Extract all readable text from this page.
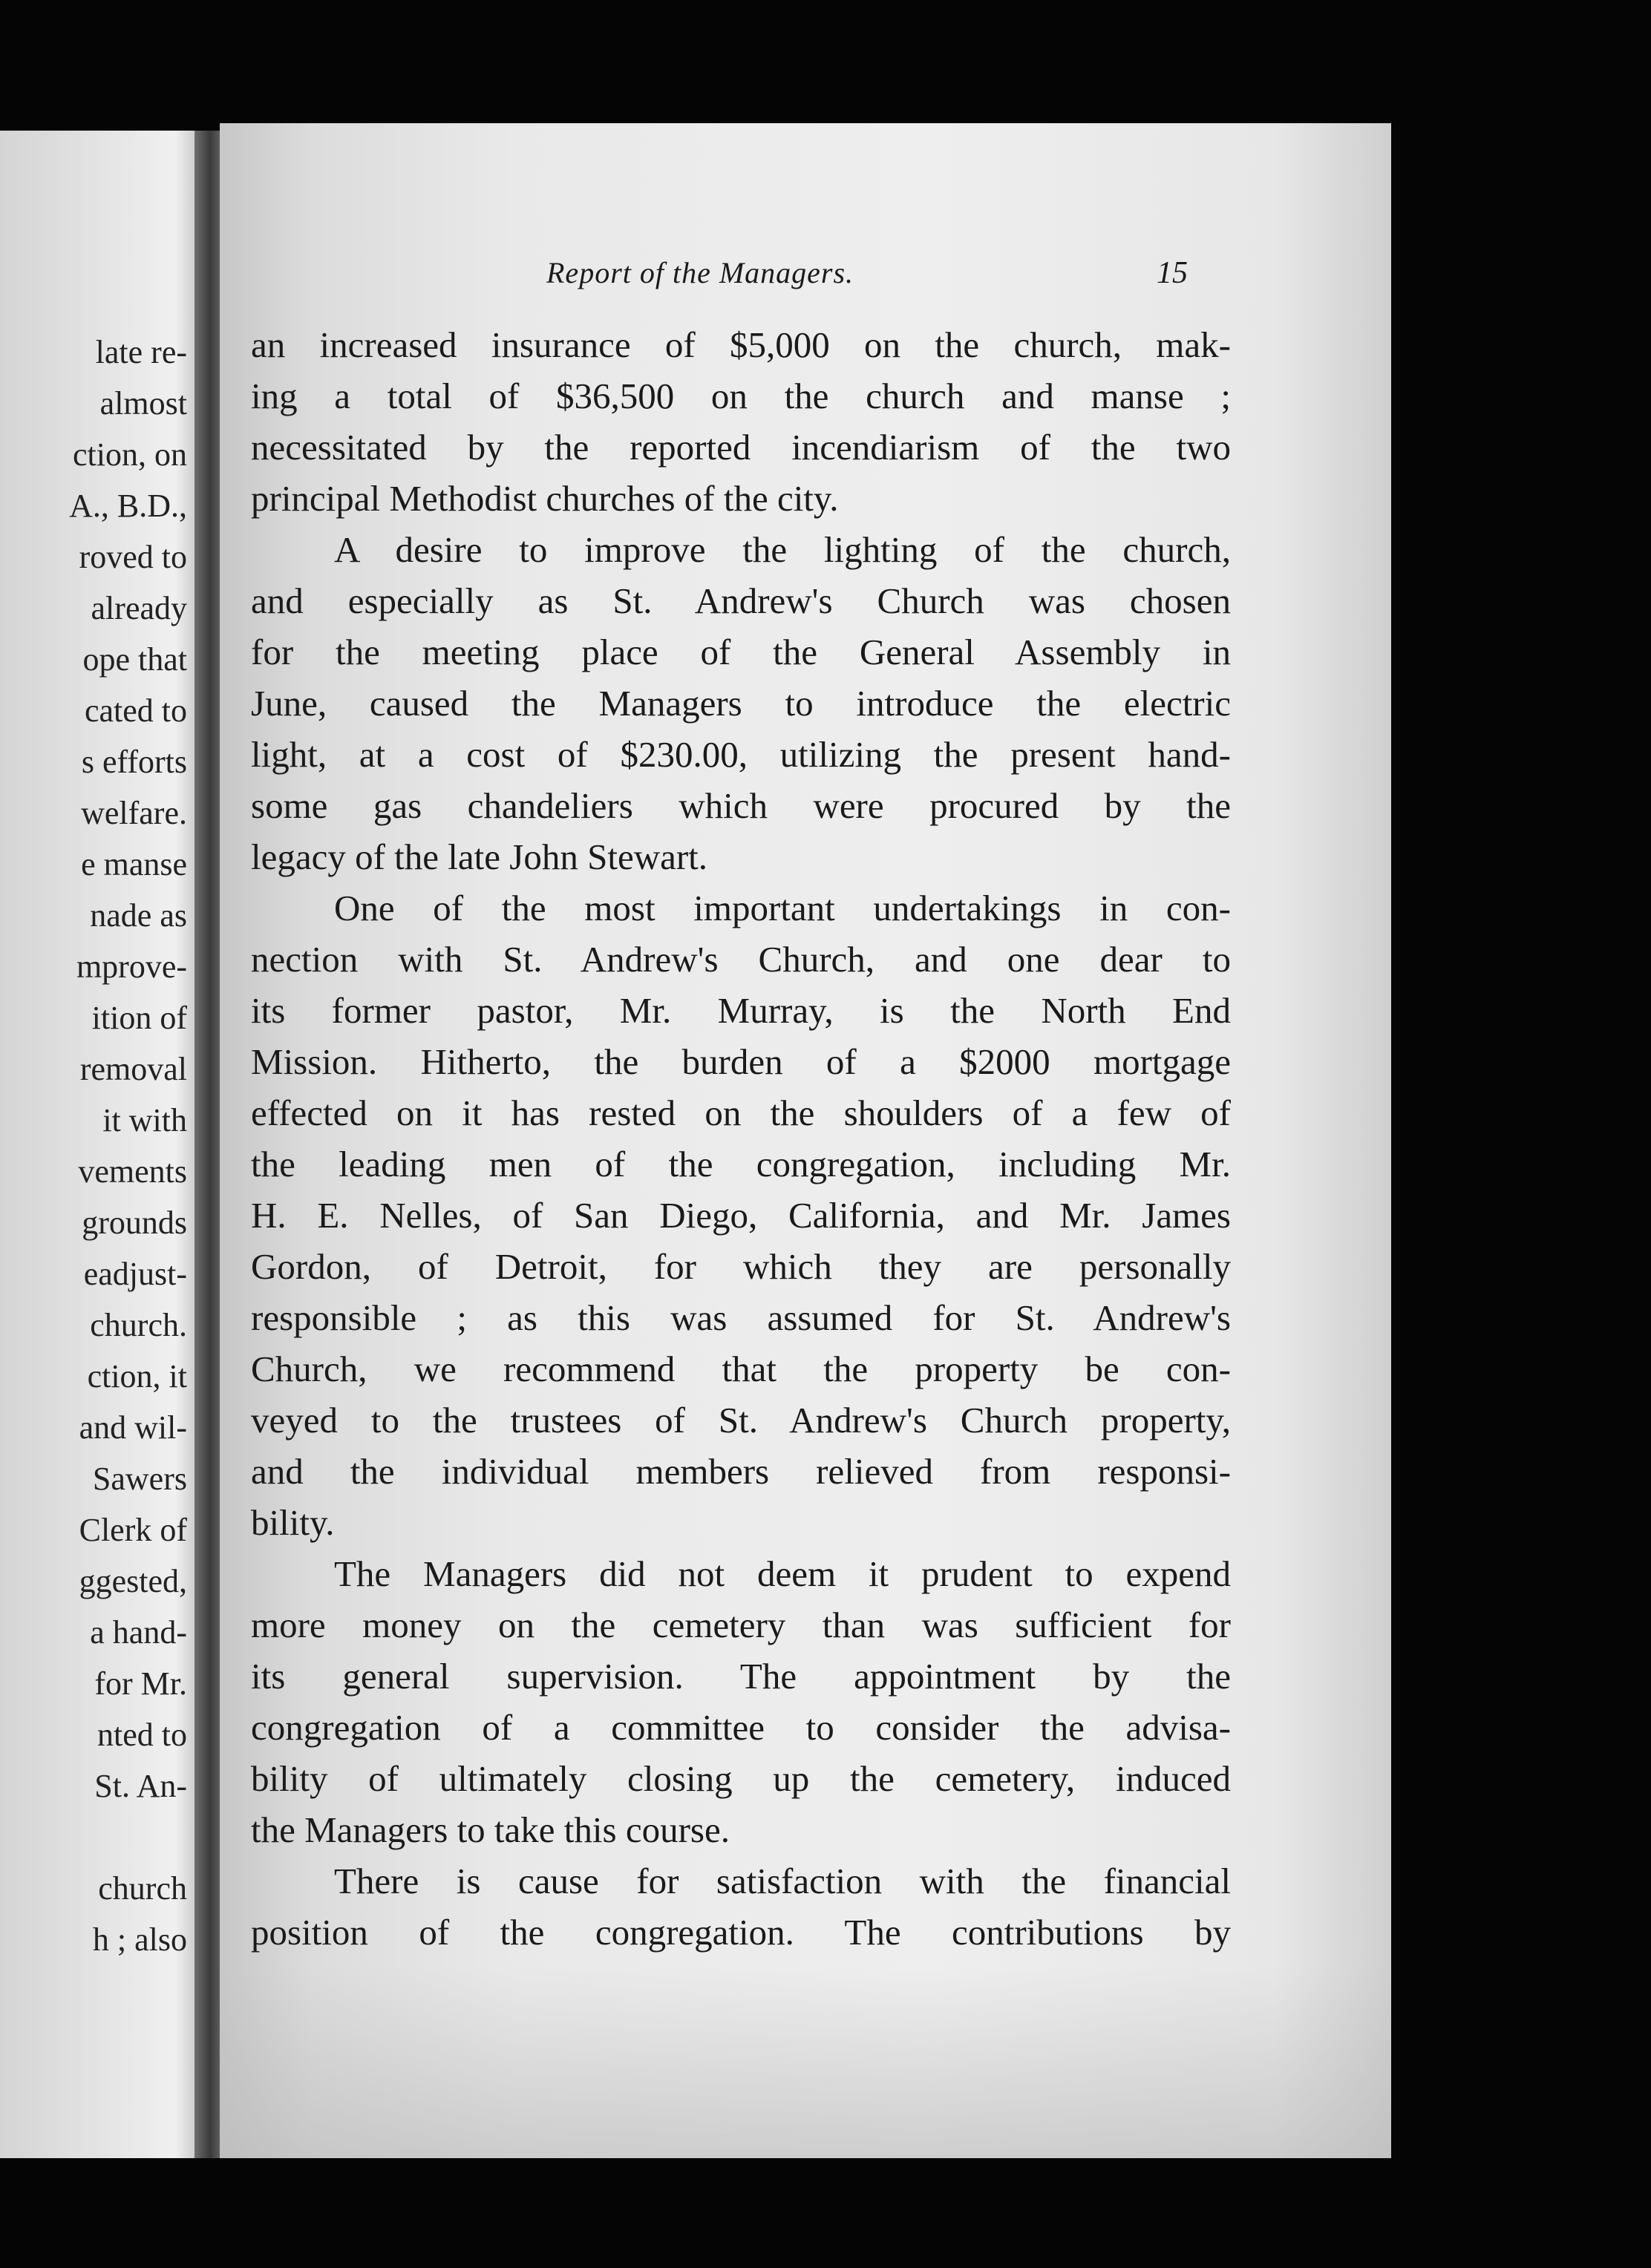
late re-
almost
ction, on
A., B.D.,
roved to
already
ope that
cated to
s efforts
welfare.
e manse
nade as
mprove-
ition of
removal
it with
vements
grounds
eadjust-
church.
ction, it
and wil-
Sawers
Clerk of
ggested,
a hand-
for Mr.
nted to
St. An-
church
h ; also
Report of the Managers.	15
an increased insurance of $5,000 on the church, mak-
ing a total of $36,500 on the church and manse ;
necessitated by the reported incendiarism of the two
principal Methodist churches of the city.
A desire to improve the lighting of the church,
and especially as St. Andrew's Church was chosen
for the meeting place of the General Assembly in
June, caused the Managers to introduce the electric
light, at a cost of $230.00, utilizing the present hand-
some gas chandeliers which were procured by the
legacy of the late John Stewart.
One of the most important undertakings in con-
nection with St. Andrew's Church, and one dear to
its former pastor, Mr. Murray, is the North End
Mission. Hitherto, the burden of a $2000 mortgage
effected on it has rested on the shoulders of a few of
the leading men of the congregation, including Mr.
H. E. Nelles, of San Diego, California, and Mr. James
Gordon, of Detroit, for which they are personally
responsible ; as this was assumed for St. Andrew's
Church, we recommend that the property be con-
veyed to the trustees of St. Andrew's Church property,
and the individual members relieved from responsi-
bility.
The Managers did not deem it prudent to expend
more money on the cemetery than was sufficient for
its general supervision. The appointment by the
congregation of a committee to consider the advisa-
bility of ultimately closing up the cemetery, induced
the Managers to take this course.
There is cause for satisfaction with the financial
position of the congregation. The contributions by
